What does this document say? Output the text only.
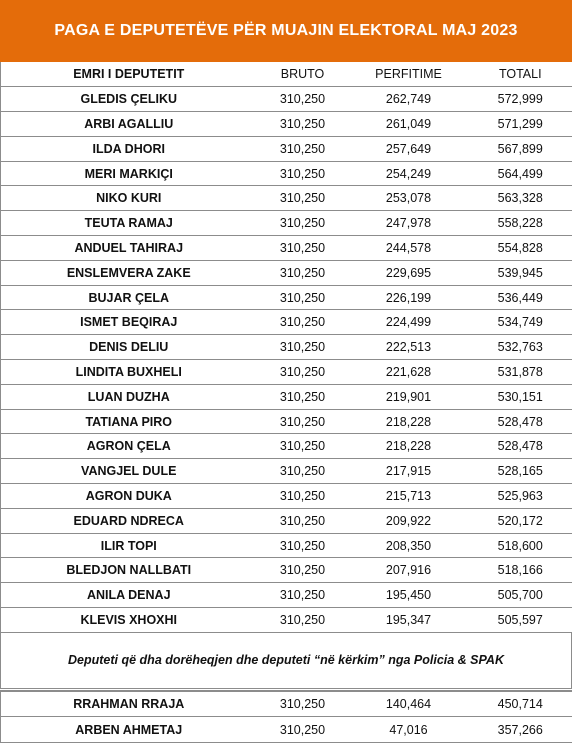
PAGA E DEPUTETËVE PËR MUAJIN ELEKTORAL MAJ 2023
EMRI I DEPUTETIT	BRUTO	PERFITIME	TOTALI
GLEDIS ÇELIKU	310,250	262,749	572,999
ARBI AGALLIU	310,250	261,049	571,299
ILDA DHORI	310,250	257,649	567,899
MERI MARKIÇI	310,250	254,249	564,499
NIKO KURI	310,250	253,078	563,328
TEUTA RAMAJ	310,250	247,978	558,228
ANDUEL TAHIRAJ	310,250	244,578	554,828
ENSLEMVERA ZAKE	310,250	229,695	539,945
BUJAR ÇELA	310,250	226,199	536,449
ISMET BEQIRAJ	310,250	224,499	534,749
DENIS DELIU	310,250	222,513	532,763
LINDITA BUXHELI	310,250	221,628	531,878
LUAN DUZHA	310,250	219,901	530,151
TATIANA PIRO	310,250	218,228	528,478
AGRON ÇELA	310,250	218,228	528,478
VANGJEL DULE	310,250	217,915	528,165
AGRON DUKA	310,250	215,713	525,963
EDUARD NDRECA	310,250	209,922	520,172
ILIR TOPI	310,250	208,350	518,600
BLEDJON NALLBATI	310,250	207,916	518,166
ANILA DENAJ	310,250	195,450	505,700
KLEVIS XHOXHI	310,250	195,347	505,597
Deputeti që dha dorëheqjen dhe deputeti “në kërkim” nga Policia & SPAK
RRAHMAN RRAJA	310,250	140,464	450,714
ARBEN AHMETAJ	310,250	47,016	357,266
